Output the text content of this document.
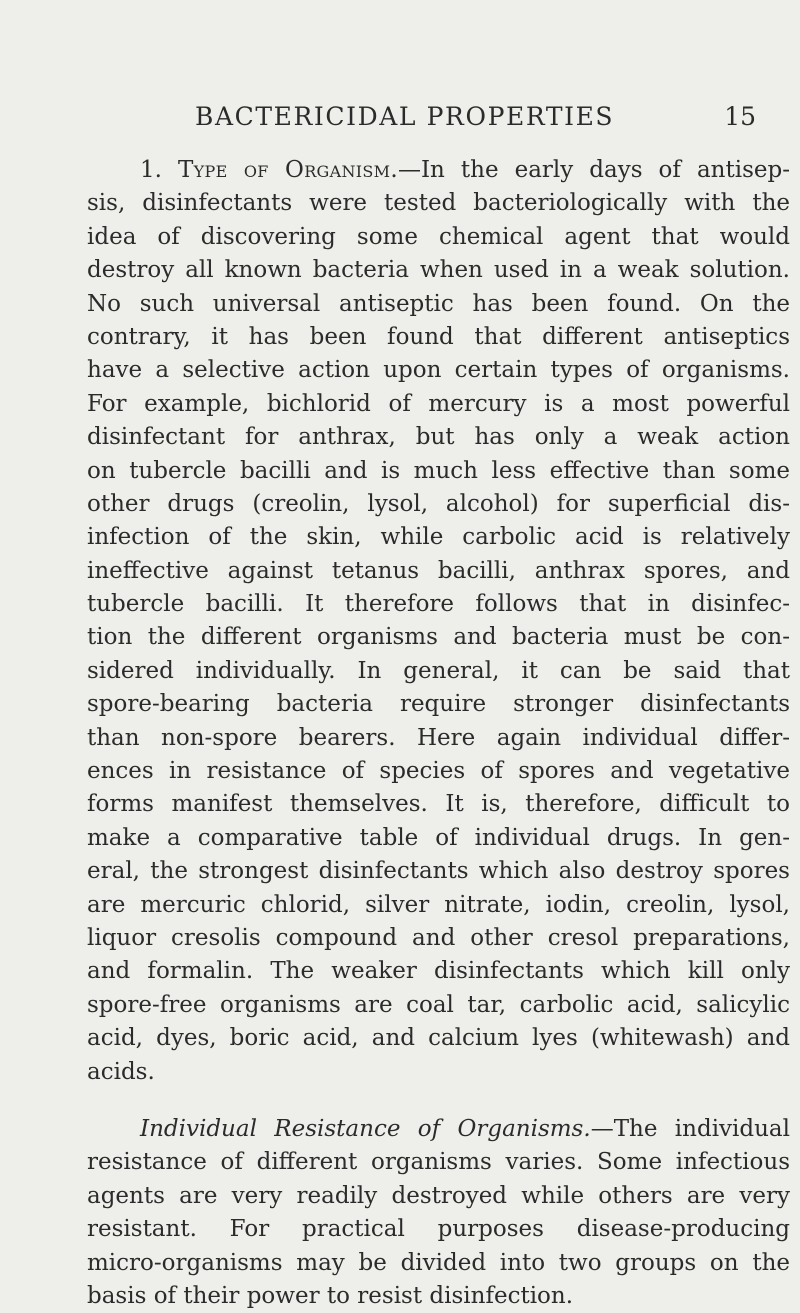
BACTERICIDAL PROPERTIES	15
1. Type of Organism.—In the early days of antisep-
sis, disinfectants were tested bacteriologically with the
idea of discovering some chemical agent that would
destroy all known bacteria when used in a weak solution.
No such universal antiseptic has been found. On the
contrary, it has been found that different antiseptics
have a selective action upon certain types of organisms.
For example, bichlorid of mercury is a most powerful
disinfectant for anthrax, but has only a weak action
on tubercle bacilli and is much less effective than some
other drugs (creolin, lysol, alcohol) for superficial dis-
infection of the skin, while carbolic acid is relatively
ineffective against tetanus bacilli, anthrax spores, and
tubercle bacilli. It therefore follows that in disinfec-
tion the different organisms and bacteria must be con-
sidered individually. In general, it can be said that
spore-bearing bacteria require stronger disinfectants
than non-spore bearers. Here again individual differ-
ences in resistance of species of spores and vegetative
forms manifest themselves. It is, therefore, difficult to
make a comparative table of individual drugs. In gen-
eral, the strongest disinfectants which also destroy spores
are mercuric chlorid, silver nitrate, iodin, creolin, lysol,
liquor cresolis compound and other cresol preparations,
and formalin. The weaker disinfectants which kill only
spore-free organisms are coal tar, carbolic acid, salicylic
acid, dyes, boric acid, and calcium lyes (whitewash) and
acids.
Individual Resistance of Organisms.—The individual
resistance of different organisms varies. Some infectious
agents are very readily destroyed while others are very
resistant. For practical purposes disease-producing
micro-organisms may be divided into two groups on the
basis of their power to resist disinfection.
